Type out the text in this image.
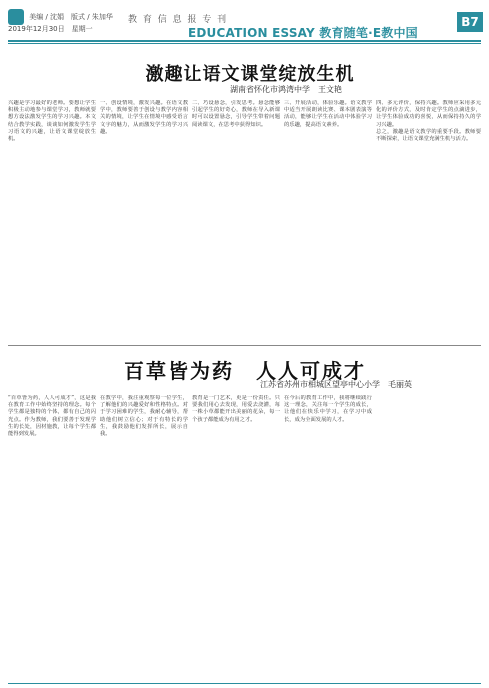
美编 / 沈娟　版式 / 朱加华
2019年12月30日　星期一
教 育 信 息 报 专 刊
EDUCATION ESSAY 教育随笔·E教中国
B7
激趣让语文课堂绽放生机
湖南省怀化市鸿湾中学　王文艳

兴趣是学习最好的老师。要想让学生积极主动地参与课堂学习，教师就要想方设法激发学生的学习兴趣。本文结合教学实践，谈谈如何激发学生学习语文的兴趣，让语文课堂绽放生机。

一、创设情境，激发兴趣。在语文教学中，教师要善于创设与教学内容相关的情境，让学生在情境中感受语言文字的魅力，从而激发学生的学习兴趣。

二、巧设悬念，引发思考。悬念能够引起学生的好奇心，教师在导入新课时可以设置悬念，引导学生带着问题阅读课文，在思考中获得知识。

三、开展活动，体验乐趣。语文教学中适当开展朗读比赛、课本剧表演等活动，能够让学生在活动中体验学习的乐趣，提高语文素养。

四、多元评价，保持兴趣。教师应采用多元化的评价方式，及时肯定学生的点滴进步，让学生体验成功的喜悦，从而保持持久的学习兴趣。

总之，激趣是语文教学的重要手段。教师要不断探索，让语文课堂充满生机与活力。

百草皆为药　人人可成才
江苏省苏州市相城区望亭中心小学　毛丽英

“百草皆为药，人人可成才”，这是我在教育工作中始终坚持的理念。每个学生都是独特的个体，都有自己的闪光点。作为教师，我们要善于发现学生的长处，因材施教，让每个学生都能得到发展。

在教学中，我注重观察每一位学生，了解他们的兴趣爱好和性格特点。对于学习困难的学生，我耐心辅导，帮助他们树立信心；对于有特长的学生，我鼓励他们发挥所长，展示自我。

教育是一门艺术，更是一份责任。只要我们用心去发现，用爱去浇灌，每一株小草都能开出美丽的花朵，每一个孩子都能成为有用之才。

在今后的教育工作中，我将继续践行这一理念，关注每一个学生的成长，让他们在快乐中学习，在学习中成长，成为全面发展的人才。
